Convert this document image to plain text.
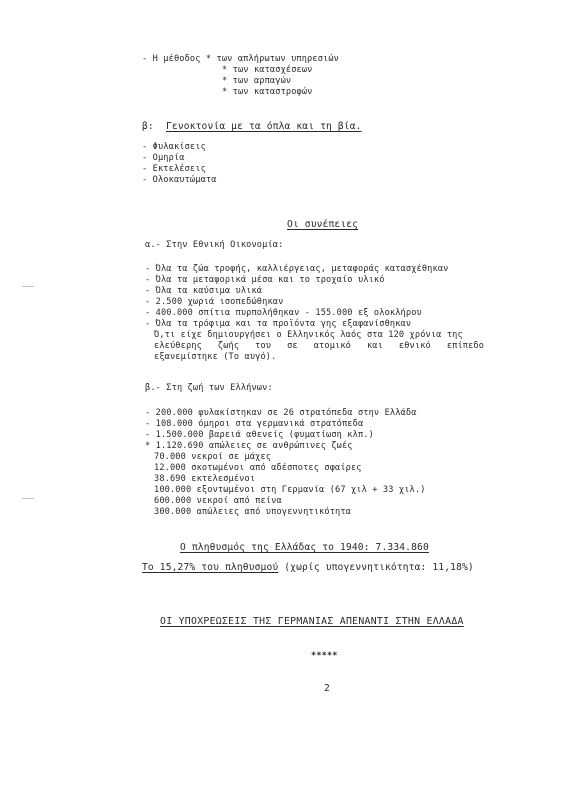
- Η μέθοδος * των απλήρωτων υπηρεσιών
* των κατασχέσεων
* των αρπαγών
* των καταστροφών
β: Γενοκτονία με τα όπλα και τη βία.
- Φυλακίσεις
- Ομηρία
- Εκτελέσεις
- Ολοκαυτώματα
Οι συνέπειες
α.- Στην Εθνική Οικονομία:
- Όλα τα ζώα τροφής, καλλιέργειας, μεταφοράς κατασχέθηκαν
- Όλα τα μεταφορικά μέσα και το τροχαίο υλικό
- Όλα τα καύσιμα υλικά
- 2.500 χωριά ισοπεδώθηκαν
- 400.000 σπίτια πυρπολήθηκαν - 155.000 εξ ολοκλήρου
- Όλα τα τρόφιμα και τα προϊόντα γης εξαφανίσθηκαν
Ό,τι είχε δημιουργήσει ο Ελληνικός λαός στα 120 χρόνια της
ελεύθερης   ζωής   του   σε   ατομικό   και   εθνικό   επίπεδο
εξανεμίστηκε (Το αυγό).
β.- Στη ζωή των Ελλήνων:
- 200.000 φυλακίστηκαν σε 26 στρατόπεδα στην Ελλάδα
- 108.000 όμηροι στα γερμανικά στρατόπεδα
- 1.500.000 βαρειά αθενείς (φυματίωση κλπ.)
* 1.120.690 απώλειες σε ανθρώπινες ζωές
70.000 νεκροί σε μάχες
12.000 σκοτωμένοι από αδέσποτες σφαίρες
38.690 εκτελεσμένοι
100.000 εξοντωμένοι στη Γερμανία (67 χιλ + 33 χιλ.)
600.000 νεκροί από πείνα
300.000 απώλειες από υπογεννητικότητα
Ο πληθυσμός της Ελλάδας το 1940: 7.334.860
Το 15,27% του πληθυσμού (χωρίς υπογεννητικότητα: 11,18%)
ΟΙ ΥΠΟΧΡΕΩΣΕΙΣ ΤΗΣ ΓΕΡΜΑΝΙΑΣ ΑΠΕΝΑΝΤΙ ΣΤΗΝ ΕΛΛΑΔΑ
*****
2
